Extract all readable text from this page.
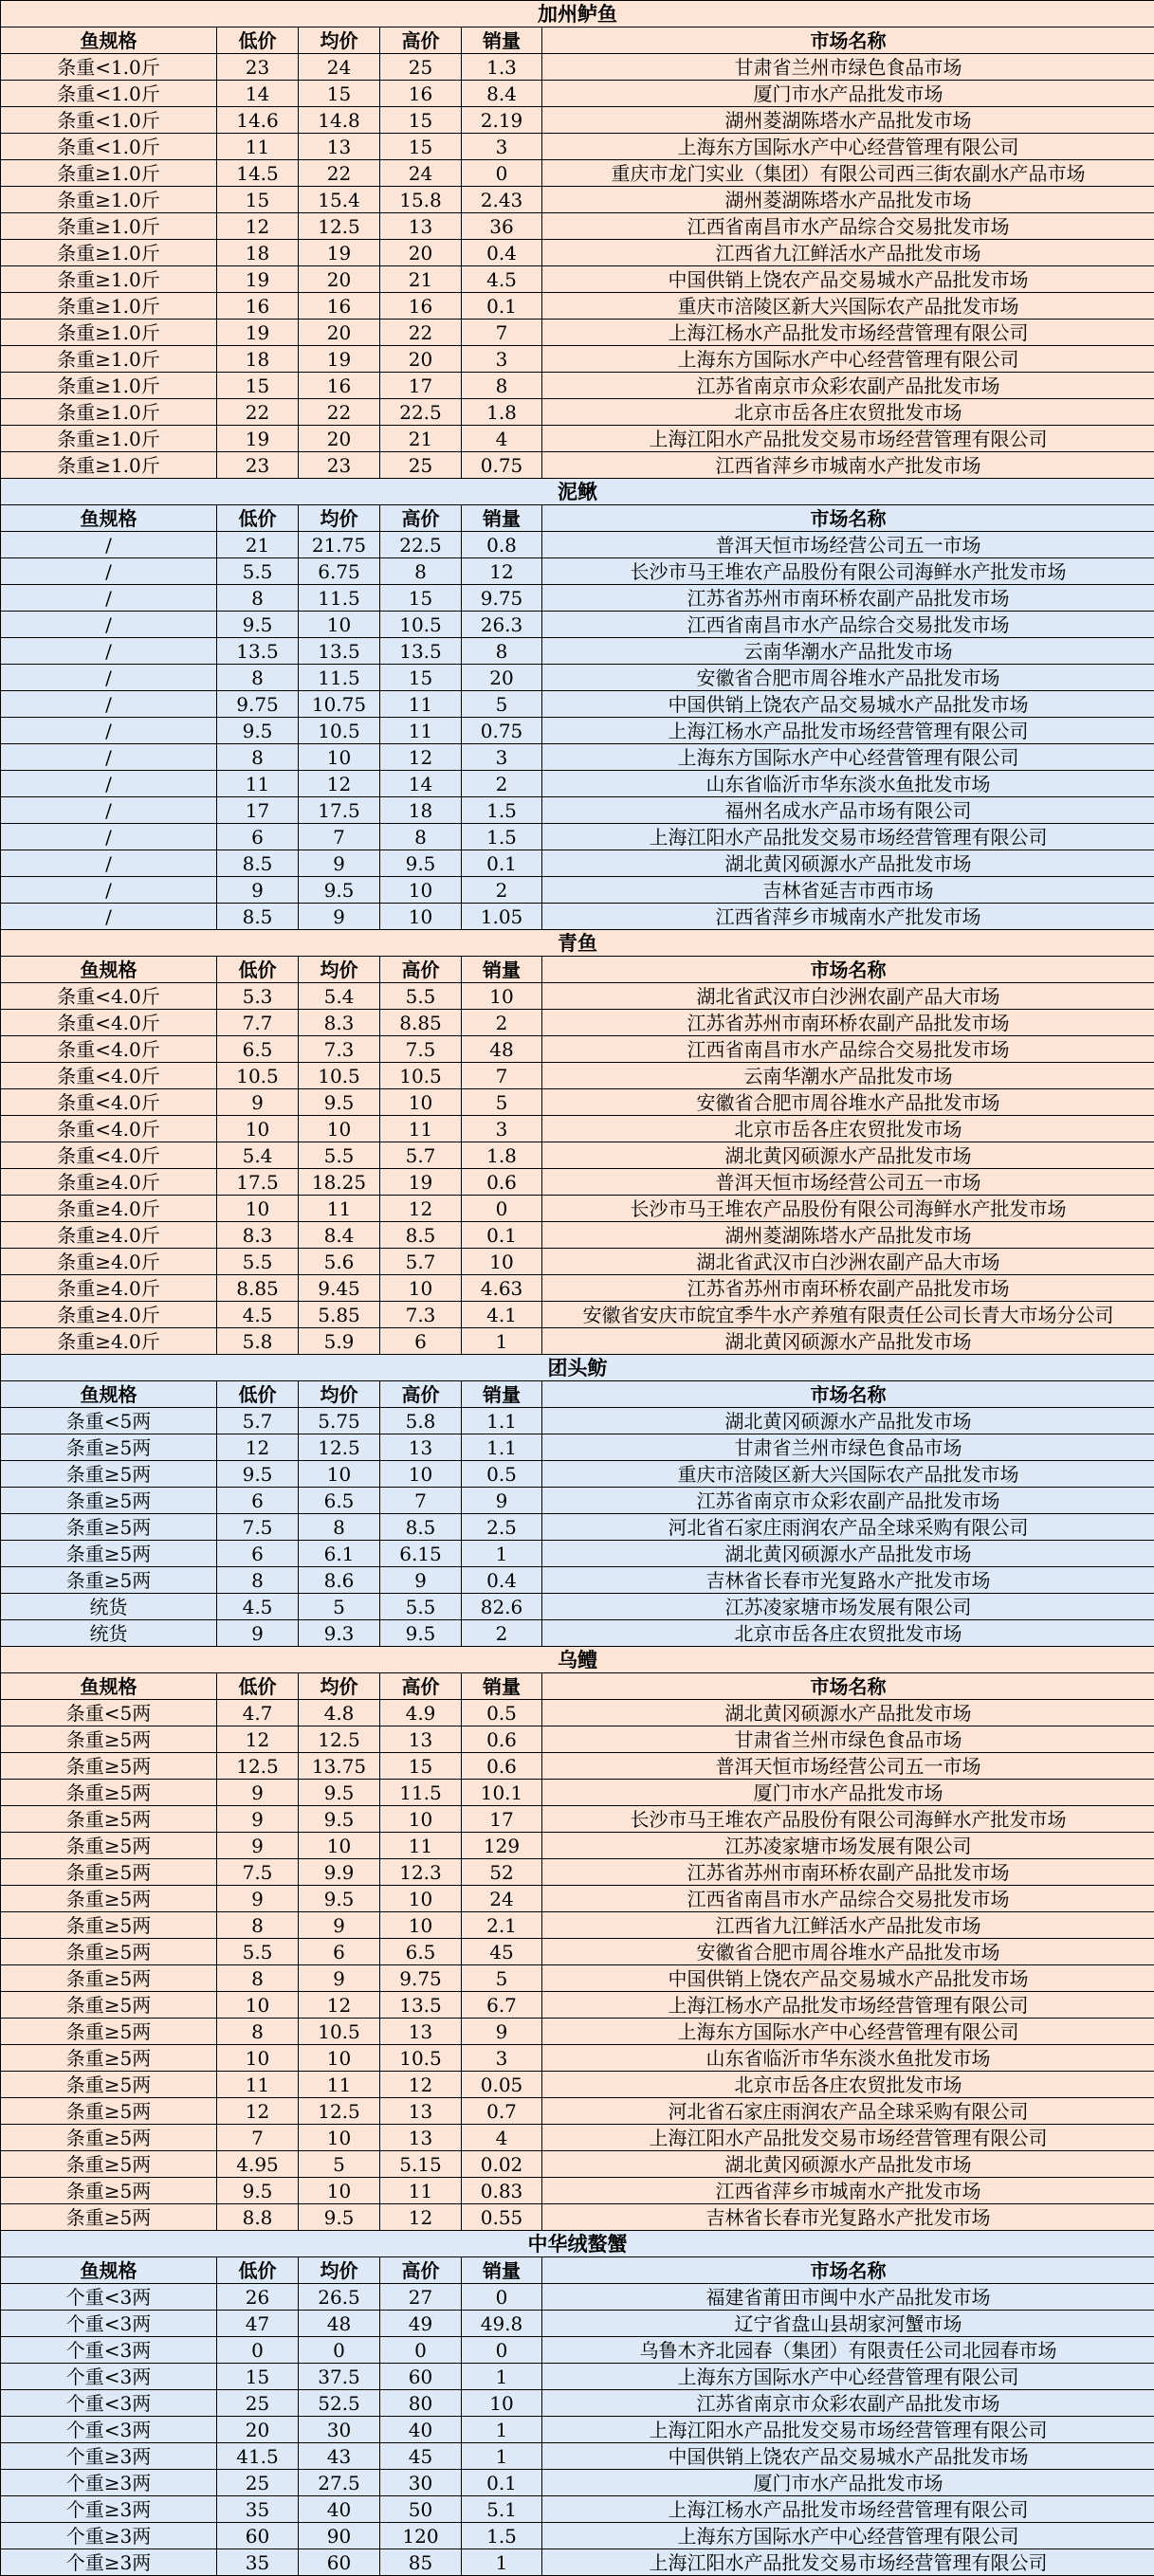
加州鲈鱼					
鱼规格	低价	均价	高价	销量	市场名称
条重<1.0斤	23	24	25	1.3	甘肃省兰州市绿色食品市场
条重<1.0斤	14	15	16	8.4	厦门市水产品批发市场
条重<1.0斤	14.6	14.8	15	2.19	湖州菱湖陈塔水产品批发市场
条重<1.0斤	11	13	15	3	上海东方国际水产中心经营管理有限公司
条重≥1.0斤	14.5	22	24	0	重庆市龙门实业（集团）有限公司西三街农副水产品市场
条重≥1.0斤	15	15.4	15.8	2.43	湖州菱湖陈塔水产品批发市场
条重≥1.0斤	12	12.5	13	36	江西省南昌市水产品综合交易批发市场
条重≥1.0斤	18	19	20	0.4	江西省九江鲜活水产品批发市场
条重≥1.0斤	19	20	21	4.5	中国供销上饶农产品交易城水产品批发市场
条重≥1.0斤	16	16	16	0.1	重庆市涪陵区新大兴国际农产品批发市场
条重≥1.0斤	19	20	22	7	上海江杨水产品批发市场经营管理有限公司
条重≥1.0斤	18	19	20	3	上海东方国际水产中心经营管理有限公司
条重≥1.0斤	15	16	17	8	江苏省南京市众彩农副产品批发市场
条重≥1.0斤	22	22	22.5	1.8	北京市岳各庄农贸批发市场
条重≥1.0斤	19	20	21	4	上海江阳水产品批发交易市场经营管理有限公司
条重≥1.0斤	23	23	25	0.75	江西省萍乡市城南水产批发市场
泥鳅					
鱼规格	低价	均价	高价	销量	市场名称
/	21	21.75	22.5	0.8	普洱天恒市场经营公司五一市场
/	5.5	6.75	8	12	长沙市马王堆农产品股份有限公司海鲜水产批发市场
/	8	11.5	15	9.75	江苏省苏州市南环桥农副产品批发市场
/	9.5	10	10.5	26.3	江西省南昌市水产品综合交易批发市场
/	13.5	13.5	13.5	8	云南华潮水产品批发市场
/	8	11.5	15	20	安徽省合肥市周谷堆水产品批发市场
/	9.75	10.75	11	5	中国供销上饶农产品交易城水产品批发市场
/	9.5	10.5	11	0.75	上海江杨水产品批发市场经营管理有限公司
/	8	10	12	3	上海东方国际水产中心经营管理有限公司
/	11	12	14	2	山东省临沂市华东淡水鱼批发市场
/	17	17.5	18	1.5	福州名成水产品市场有限公司
/	6	7	8	1.5	上海江阳水产品批发交易市场经营管理有限公司
/	8.5	9	9.5	0.1	湖北黄冈硕源水产品批发市场
/	9	9.5	10	2	吉林省延吉市西市场
/	8.5	9	10	1.05	江西省萍乡市城南水产批发市场
青鱼					
鱼规格	低价	均价	高价	销量	市场名称
条重<4.0斤	5.3	5.4	5.5	10	湖北省武汉市白沙洲农副产品大市场
条重<4.0斤	7.7	8.3	8.85	2	江苏省苏州市南环桥农副产品批发市场
条重<4.0斤	6.5	7.3	7.5	48	江西省南昌市水产品综合交易批发市场
条重<4.0斤	10.5	10.5	10.5	7	云南华潮水产品批发市场
条重<4.0斤	9	9.5	10	5	安徽省合肥市周谷堆水产品批发市场
条重<4.0斤	10	10	11	3	北京市岳各庄农贸批发市场
条重<4.0斤	5.4	5.5	5.7	1.8	湖北黄冈硕源水产品批发市场
条重≥4.0斤	17.5	18.25	19	0.6	普洱天恒市场经营公司五一市场
条重≥4.0斤	10	11	12	0	长沙市马王堆农产品股份有限公司海鲜水产批发市场
条重≥4.0斤	8.3	8.4	8.5	0.1	湖州菱湖陈塔水产品批发市场
条重≥4.0斤	5.5	5.6	5.7	10	湖北省武汉市白沙洲农副产品大市场
条重≥4.0斤	8.85	9.45	10	4.63	江苏省苏州市南环桥农副产品批发市场
条重≥4.0斤	4.5	5.85	7.3	4.1	安徽省安庆市皖宜季牛水产养殖有限责任公司长青大市场分公司
条重≥4.0斤	5.8	5.9	6	1	湖北黄冈硕源水产品批发市场
团头鲂					
鱼规格	低价	均价	高价	销量	市场名称
条重<5两	5.7	5.75	5.8	1.1	湖北黄冈硕源水产品批发市场
条重≥5两	12	12.5	13	1.1	甘肃省兰州市绿色食品市场
条重≥5两	9.5	10	10	0.5	重庆市涪陵区新大兴国际农产品批发市场
条重≥5两	6	6.5	7	9	江苏省南京市众彩农副产品批发市场
条重≥5两	7.5	8	8.5	2.5	河北省石家庄雨润农产品全球采购有限公司
条重≥5两	6	6.1	6.15	1	湖北黄冈硕源水产品批发市场
条重≥5两	8	8.6	9	0.4	吉林省长春市光复路水产批发市场
统货	4.5	5	5.5	82.6	江苏凌家塘市场发展有限公司
统货	9	9.3	9.5	2	北京市岳各庄农贸批发市场
乌鳢					
鱼规格	低价	均价	高价	销量	市场名称
条重<5两	4.7	4.8	4.9	0.5	湖北黄冈硕源水产品批发市场
条重≥5两	12	12.5	13	0.6	甘肃省兰州市绿色食品市场
条重≥5两	12.5	13.75	15	0.6	普洱天恒市场经营公司五一市场
条重≥5两	9	9.5	11.5	10.1	厦门市水产品批发市场
条重≥5两	9	9.5	10	17	长沙市马王堆农产品股份有限公司海鲜水产批发市场
条重≥5两	9	10	11	129	江苏凌家塘市场发展有限公司
条重≥5两	7.5	9.9	12.3	52	江苏省苏州市南环桥农副产品批发市场
条重≥5两	9	9.5	10	24	江西省南昌市水产品综合交易批发市场
条重≥5两	8	9	10	2.1	江西省九江鲜活水产品批发市场
条重≥5两	5.5	6	6.5	45	安徽省合肥市周谷堆水产品批发市场
条重≥5两	8	9	9.75	5	中国供销上饶农产品交易城水产品批发市场
条重≥5两	10	12	13.5	6.7	上海江杨水产品批发市场经营管理有限公司
条重≥5两	8	10.5	13	9	上海东方国际水产中心经营管理有限公司
条重≥5两	10	10	10.5	3	山东省临沂市华东淡水鱼批发市场
条重≥5两	11	11	12	0.05	北京市岳各庄农贸批发市场
条重≥5两	12	12.5	13	0.7	河北省石家庄雨润农产品全球采购有限公司
条重≥5两	7	10	13	4	上海江阳水产品批发交易市场经营管理有限公司
条重≥5两	4.95	5	5.15	0.02	湖北黄冈硕源水产品批发市场
条重≥5两	9.5	10	11	0.83	江西省萍乡市城南水产批发市场
条重≥5两	8.8	9.5	12	0.55	吉林省长春市光复路水产批发市场
中华绒螯蟹					
鱼规格	低价	均价	高价	销量	市场名称
个重<3两	26	26.5	27	0	福建省莆田市闽中水产品批发市场
个重<3两	47	48	49	49.8	辽宁省盘山县胡家河蟹市场
个重<3两	0	0	0	0	乌鲁木齐北园春（集团）有限责任公司北园春市场
个重<3两	15	37.5	60	1	上海东方国际水产中心经营管理有限公司
个重<3两	25	52.5	80	10	江苏省南京市众彩农副产品批发市场
个重<3两	20	30	40	1	上海江阳水产品批发交易市场经营管理有限公司
个重≥3两	41.5	43	45	1	中国供销上饶农产品交易城水产品批发市场
个重≥3两	25	27.5	30	0.1	厦门市水产品批发市场
个重≥3两	35	40	50	5.1	上海江杨水产品批发市场经营管理有限公司
个重≥3两	60	90	120	1.5	上海东方国际水产中心经营管理有限公司
个重≥3两	35	60	85	1	上海江阳水产品批发交易市场经营管理有限公司
